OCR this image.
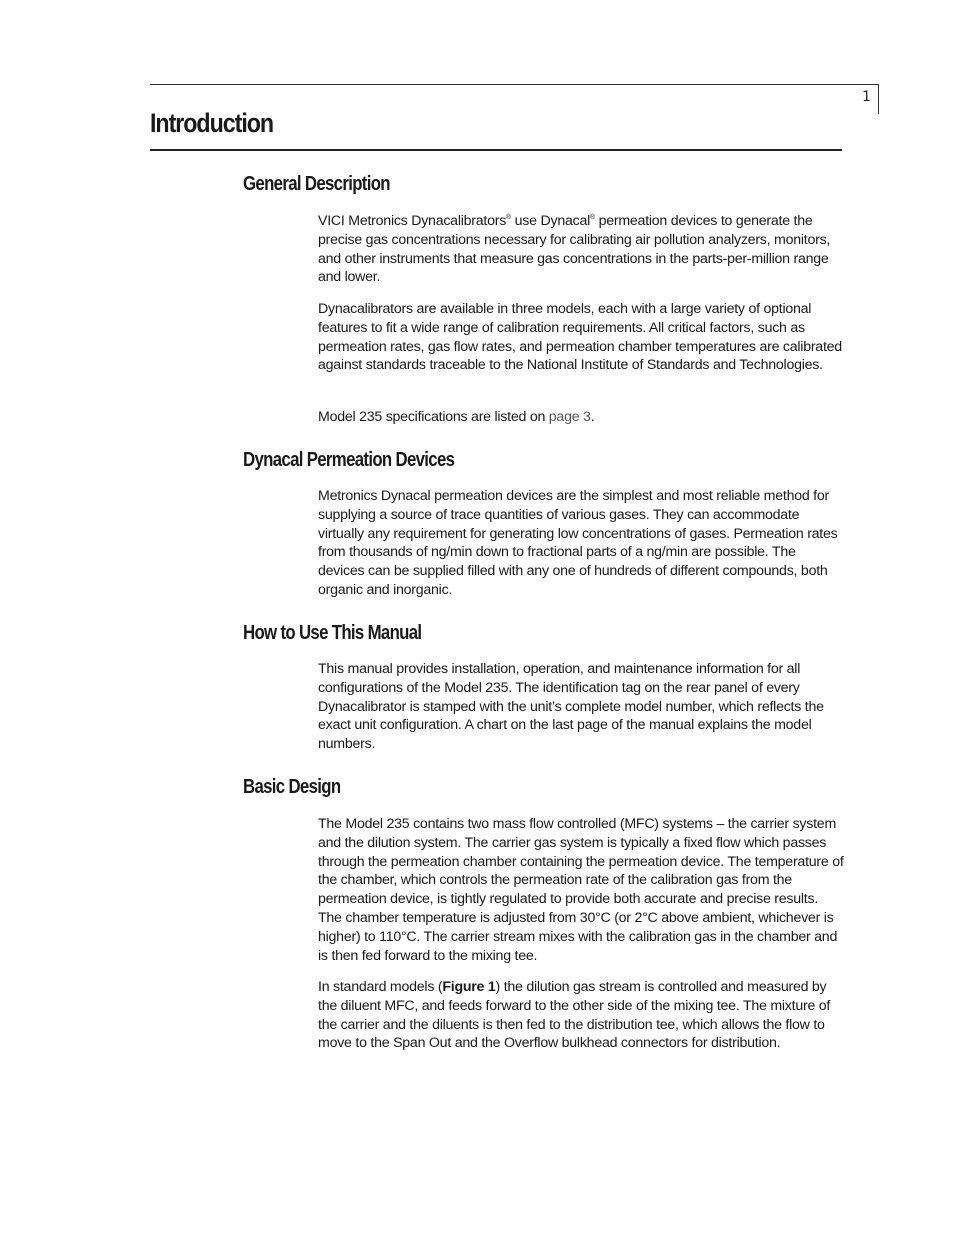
1
Introduction
General Description

VICI Metronics Dynacalibrators® use Dynacal® permeation devices to generate the precise gas concentrations necessary for calibrating air pollution analyzers, monitors, and other instruments that measure gas concentrations in the parts-per-million range and lower.

Dynacalibrators are available in three models, each with a large variety of optional features to fit a wide range of calibration requirements. All critical factors, such as permeation rates, gas flow rates, and permeation chamber temperatures are calibrated against standards traceable to the National Institute of Standards and Technologies.

Model 235 specifications are listed on page 3.

Dynacal Permeation Devices

Metronics Dynacal permeation devices are the simplest and most reliable method for supplying a source of trace quantities of various gases. They can accommodate virtually any requirement for generating low concentrations of gases. Permeation rates from thousands of ng/min down to fractional parts of a ng/min are possible. The devices can be supplied filled with any one of hundreds of different compounds, both organic and inorganic.

How to Use This Manual

This manual provides installation, operation, and maintenance information for all configurations of the Model 235. The identification tag on the rear panel of every Dynacalibrator is stamped with the unit’s complete model number, which reflects the exact unit configuration. A chart on the last page of the manual explains the model numbers.

Basic Design

The Model 235 contains two mass flow controlled (MFC) systems – the carrier system and the dilution system. The carrier gas system is typically a fixed flow which passes through the permeation chamber containing the permeation device. The temperature of the chamber, which controls the permeation rate of the calibration gas from the permeation device, is tightly regulated to provide both accurate and precise results. The chamber temperature is adjusted from 30°C (or 2°C above ambient, whichever is higher) to 110°C. The carrier stream mixes with the calibration gas in the chamber and is then fed forward to the mixing tee.

In standard models (Figure 1) the dilution gas stream is controlled and measured by the diluent MFC, and feeds forward to the other side of the mixing tee. The mixture of the carrier and the diluents is then fed to the distribution tee, which allows the flow to move to the Span Out and the Overflow bulkhead connectors for distribution.
